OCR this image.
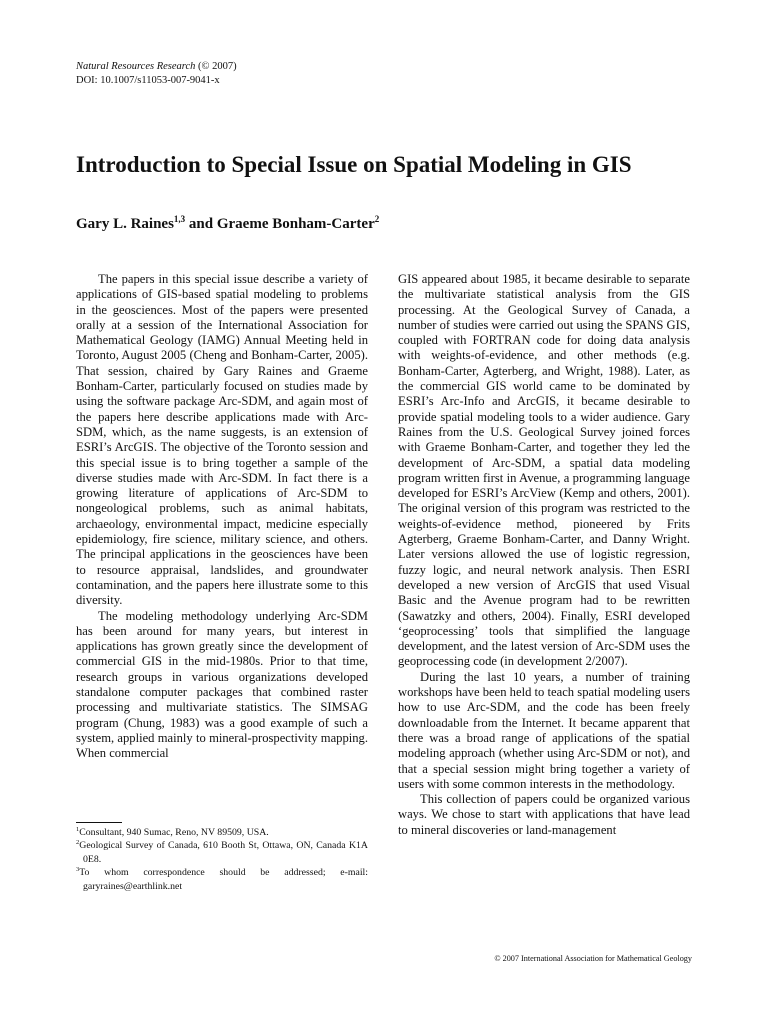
Natural Resources Research (© 2007)
DOI: 10.1007/s11053-007-9041-x
Introduction to Special Issue on Spatial Modeling in GIS
Gary L. Raines$^{1,3}$ and Graeme Bonham-Carter$^2$

The papers in this special issue describe a variety of applications of GIS-based spatial modeling to problems in the geosciences. Most of the papers were presented orally at a session of the International Association for Mathematical Geology (IAMG) Annual Meeting held in Toronto, August 2005 (Cheng and Bonham-Carter, 2005). That session, chaired by Gary Raines and Graeme Bonham-Carter, particularly focused on studies made by using the software package Arc-SDM, and again most of the papers here describe applications made with Arc-SDM, which, as the name suggests, is an extension of ESRI’s ArcGIS. The objective of the Toronto session and this special issue is to bring together a sample of the diverse studies made with Arc-SDM. In fact there is a growing literature of applications of Arc-SDM to nongeological problems, such as animal habitats, archaeology, environmental impact, medicine especially epidemiology, fire science, military science, and others. The principal applications in the geosciences have been to resource appraisal, landslides, and groundwater contamination, and the papers here illustrate some to this diversity.

The modeling methodology underlying Arc-SDM has been around for many years, but interest in applications has grown greatly since the development of commercial GIS in the mid-1980s. Prior to that time, research groups in various organizations developed standalone computer packages that combined raster processing and multivariate statistics. The SIMSAG program (Chung, 1983) was a good example of such a system, applied mainly to mineral-prospectivity mapping. When commercial

GIS appeared about 1985, it became desirable to separate the multivariate statistical analysis from the GIS processing. At the Geological Survey of Canada, a number of studies were carried out using the SPANS GIS, coupled with FORTRAN code for doing data analysis with weights-of-evidence, and other methods (e.g. Bonham-Carter, Agterberg, and Wright, 1988). Later, as the commercial GIS world came to be dominated by ESRI’s Arc-Info and ArcGIS, it became desirable to provide spatial modeling tools to a wider audience. Gary Raines from the U.S. Geological Survey joined forces with Graeme Bonham-Carter, and together they led the development of Arc-SDM, a spatial data modeling program written first in Avenue, a programming language developed for ESRI’s ArcView (Kemp and others, 2001). The original version of this program was restricted to the weights-of-evidence method, pioneered by Frits Agterberg, Graeme Bonham-Carter, and Danny Wright. Later versions allowed the use of logistic regression, fuzzy logic, and neural network analysis. Then ESRI developed a new version of ArcGIS that used Visual Basic and the Avenue program had to be rewritten (Sawatzky and others, 2004). Finally, ESRI developed ‘geoprocessing’ tools that simplified the language development, and the latest version of Arc-SDM uses the geoprocessing code (in development 2/2007).

During the last 10 years, a number of training workshops have been held to teach spatial modeling users how to use Arc-SDM, and the code has been freely downloadable from the Internet. It became apparent that there was a broad range of applications of the spatial modeling approach (whether using Arc-SDM or not), and that a special session might bring together a variety of users with some common interests in the methodology.

This collection of papers could be organized various ways. We chose to start with applications that have lead to mineral discoveries or land-management

$^1$Consultant, 940 Sumac, Reno, NV 89509, USA.

$^2$Geological Survey of Canada, 610 Booth St, Ottawa, ON, Canada K1A 0E8.

$^3$To whom correspondence should be addressed; e-mail: garyraines@earthlink.net

© 2007 International Association for Mathematical Geology
